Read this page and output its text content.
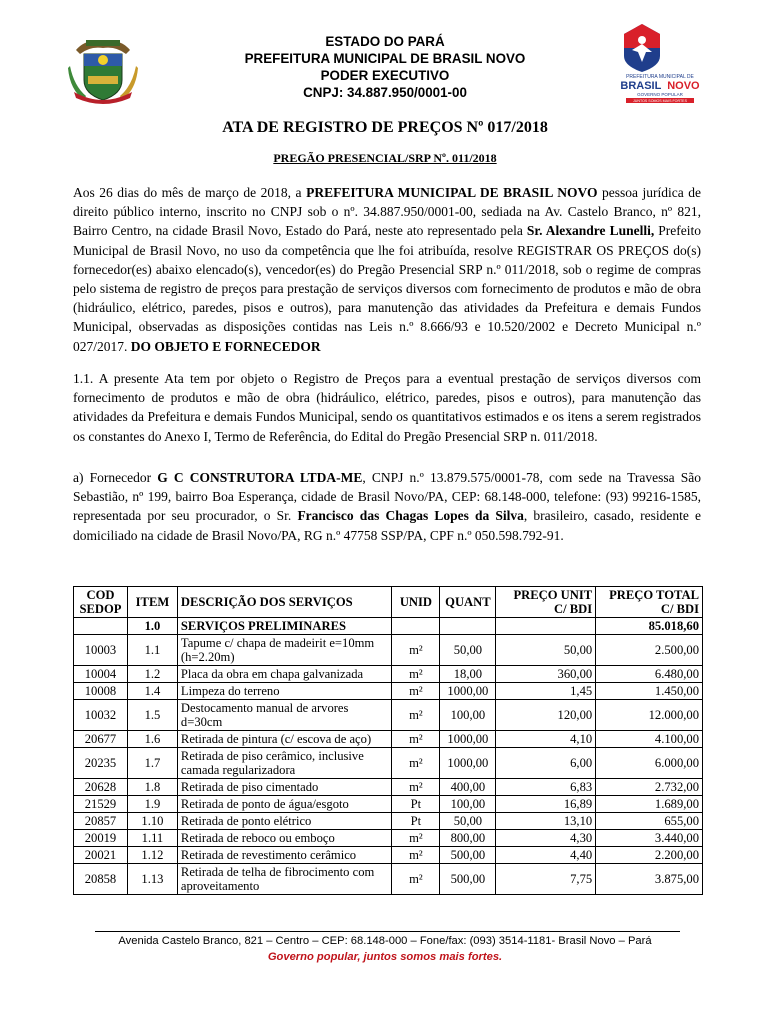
ESTADO DO PARÁ
PREFEITURA MUNICIPAL DE BRASIL NOVO
PODER EXECUTIVO
CNPJ: 34.887.950/0001-00
PREFEITURA MUNICIPAL DE
BRASIL NOVO
GOVERNO POPULAR
JUNTOS SOMOS MAIS FORTES
ATA DE REGISTRO DE PREÇOS Nº 017/2018
PREGÃO PRESENCIAL/SRP Nº. 011/2018
Aos 26 dias do mês de março de 2018, a PREFEITURA MUNICIPAL DE BRASIL NOVO pessoa jurídica de direito público interno, inscrito no CNPJ sob o nº. 34.887.950/0001-00, sediada na Av. Castelo Branco, nº 821, Bairro Centro, na cidade Brasil Novo, Estado do Pará, neste ato representado pela Sr. Alexandre Lunelli, Prefeito Municipal de Brasil Novo, no uso da competência que lhe foi atribuída, resolve REGISTRAR OS PREÇOS do(s) fornecedor(es) abaixo elencado(s), vencedor(es) do Pregão Presencial SRP n.º 011/2018, sob o regime de compras pelo sistema de registro de preços para prestação de serviços diversos com fornecimento de produtos e mão de obra (hidráulico, elétrico, paredes, pisos e outros), para manutenção das atividades da Prefeitura e demais Fundos Municipal, observadas as disposições contidas nas Leis n.º 8.666/93 e 10.520/2002 e Decreto Municipal n.º 027/2017. DO OBJETO E FORNECEDOR
1.1. A presente Ata tem por objeto o Registro de Preços para a eventual prestação de serviços diversos com fornecimento de produtos e mão de obra (hidráulico, elétrico, paredes, pisos e outros), para manutenção das atividades da Prefeitura e demais Fundos Municipal, sendo os quantitativos estimados e os itens a serem registrados os constantes do Anexo I, Termo de Referência, do Edital do Pregão Presencial SRP n. 011/2018.
a) Fornecedor G C CONSTRUTORA LTDA-ME, CNPJ n.º 13.879.575/0001-78, com sede na Travessa São Sebastião, nº 199, bairro Boa Esperança, cidade de Brasil Novo/PA, CEP: 68.148-000, telefone: (93) 99216-1585, representada por seu procurador, o Sr. Francisco das Chagas Lopes da Silva, brasileiro, casado, residente e domiciliado na cidade de Brasil Novo/PA, RG n.º 47758 SSP/PA, CPF n.º 050.598.792-91.
COD SEDOP	ITEM	DESCRIÇÃO DOS SERVIÇOS	UNID	QUANT	PREÇO UNIT C/ BDI	PREÇO TOTAL C/ BDI
	1.0	SERVIÇOS PRELIMINARES				85.018,60
10003	1.1	Tapume c/ chapa de madeirit e=10mm (h=2.20m)	m²	50,00	50,00	2.500,00
10004	1.2	Placa da obra em chapa galvanizada	m²	18,00	360,00	6.480,00
10008	1.4	Limpeza do terreno	m²	1000,00	1,45	1.450,00
10032	1.5	Destocamento manual de arvores d=30cm	m²	100,00	120,00	12.000,00
20677	1.6	Retirada de pintura (c/ escova de aço)	m²	1000,00	4,10	4.100,00
20235	1.7	Retirada de piso cerâmico, inclusive camada regularizadora	m²	1000,00	6,00	6.000,00
20628	1.8	Retirada de piso cimentado	m²	400,00	6,83	2.732,00
21529	1.9	Retirada de ponto de água/esgoto	Pt	100,00	16,89	1.689,00
20857	1.10	Retirada de ponto elétrico	Pt	50,00	13,10	655,00
20019	1.11	Retirada de reboco ou emboço	m²	800,00	4,30	3.440,00
20021	1.12	Retirada de revestimento cerâmico	m²	500,00	4,40	2.200,00
20858	1.13	Retirada de telha de fibrocimento com aproveitamento	m²	500,00	7,75	3.875,00
Avenida Castelo Branco, 821 – Centro – CEP: 68.148-000 – Fone/fax: (093) 3514-1181- Brasil Novo – Pará
Governo popular, juntos somos mais fortes.
